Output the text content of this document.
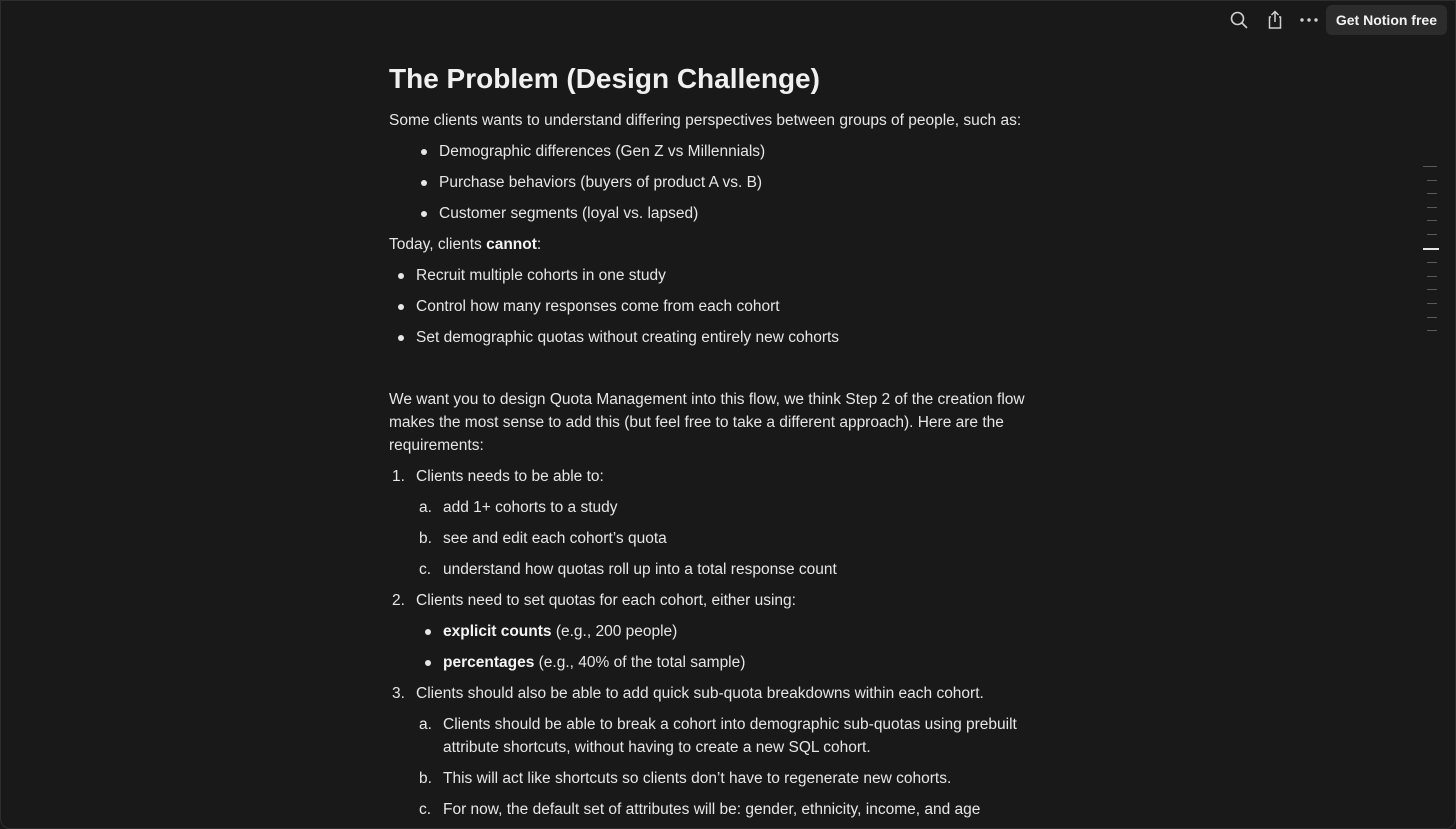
Get Notion free
The Problem (Design Challenge)

Some clients wants to understand differing perspectives between groups of people, such as:

Demographic differences (Gen Z vs Millennials)
Purchase behaviors (buyers of product A vs. B)
Customer segments (loyal vs. lapsed)

Today, clients cannot:

Recruit multiple cohorts in one study
Control how many responses come from each cohort
Set demographic quotas without creating entirely new cohorts

We want you to design Quota Management into this flow, we think Step 2 of the creation flow makes the most sense to add this (but feel free to take a different approach). Here are the requirements:

1. Clients needs to be able to:
a. add 1+ cohorts to a study
b. see and edit each cohort’s quota
c. understand how quotas roll up into a total response count
2. Clients need to set quotas for each cohort, either using:
explicit counts (e.g., 200 people)
percentages (e.g., 40% of the total sample)
3. Clients should also be able to add quick sub-quota breakdowns within each cohort.
a. Clients should be able to break a cohort into demographic sub-quotas using prebuilt attribute shortcuts, without having to create a new SQL cohort.
b. This will act like shortcuts so clients don’t have to regenerate new cohorts.
c. For now, the default set of attributes will be: gender, ethnicity, income, and age
